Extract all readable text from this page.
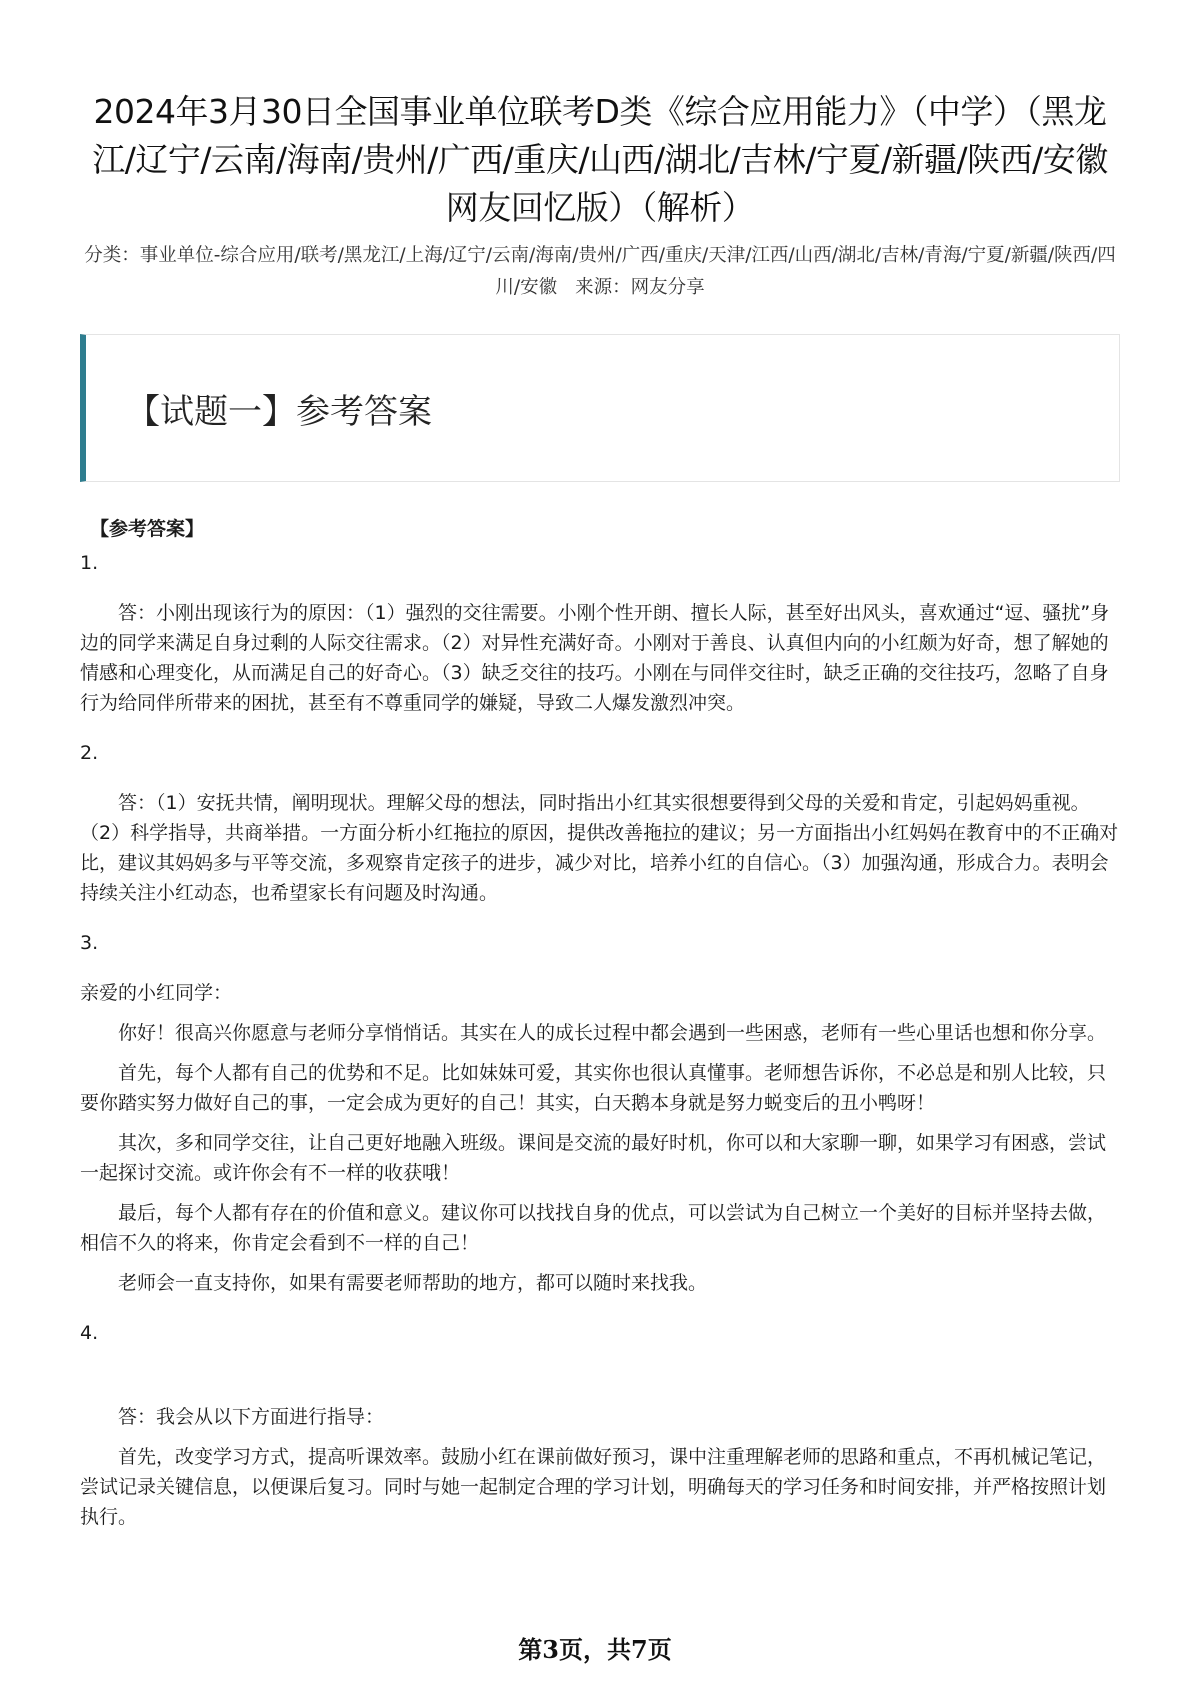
2024年3月30日全国事业单位联考D类《综合应用能力》（中学）（黑龙江/辽宁/云南/海南/贵州/广西/重庆/山西/湖北/吉林/宁夏/新疆/陕西/安徽网友回忆版）（解析）
分类：事业单位-综合应用/联考/黑龙江/上海/辽宁/云南/海南/贵州/广西/重庆/天津/江西/山西/湖北/吉林/青海/宁夏/新疆/陕西/四川/安徽 来源：网友分享
【试题一】参考答案
【参考答案】
1.

答：小刚出现该行为的原因：（1）强烈的交往需要。小刚个性开朗、擅长人际，甚至好出风头，喜欢通过“逗、骚扰”身边的同学来满足自身过剩的人际交往需求。（2）对异性充满好奇。小刚对于善良、认真但内向的小红颇为好奇，想了解她的情感和心理变化，从而满足自己的好奇心。（3）缺乏交往的技巧。小刚在与同伴交往时，缺乏正确的交往技巧，忽略了自身行为给同伴所带来的困扰，甚至有不尊重同学的嫌疑，导致二人爆发激烈冲突。

2.

答：（1）安抚共情，阐明现状。理解父母的想法，同时指出小红其实很想要得到父母的关爱和肯定，引起妈妈重视。（2）科学指导，共商举措。一方面分析小红拖拉的原因，提供改善拖拉的建议；另一方面指出小红妈妈在教育中的不正确对比，建议其妈妈多与平等交流，多观察肯定孩子的进步，减少对比，培养小红的自信心。（3）加强沟通，形成合力。表明会持续关注小红动态，也希望家长有问题及时沟通。

3.

亲爱的小红同学：

你好！很高兴你愿意与老师分享悄悄话。其实在人的成长过程中都会遇到一些困惑，老师有一些心里话也想和你分享。

首先，每个人都有自己的优势和不足。比如妹妹可爱，其实你也很认真懂事。老师想告诉你，不必总是和别人比较，只要你踏实努力做好自己的事，一定会成为更好的自己！其实，白天鹅本身就是努力蜕变后的丑小鸭呀！

其次，多和同学交往，让自己更好地融入班级。课间是交流的最好时机，你可以和大家聊一聊，如果学习有困惑，尝试一起探讨交流。或许你会有不一样的收获哦！

最后，每个人都有存在的价值和意义。建议你可以找找自身的优点，可以尝试为自己树立一个美好的目标并坚持去做，相信不久的将来，你肯定会看到不一样的自己！

老师会一直支持你，如果有需要老师帮助的地方，都可以随时来找我。

4.

答：我会从以下方面进行指导：

首先，改变学习方式，提高听课效率。鼓励小红在课前做好预习，课中注重理解老师的思路和重点，不再机械记笔记，尝试记录关键信息，以便课后复习。同时与她一起制定合理的学习计划，明确每天的学习任务和时间安排，并严格按照计划执行。

第3页，共7页
